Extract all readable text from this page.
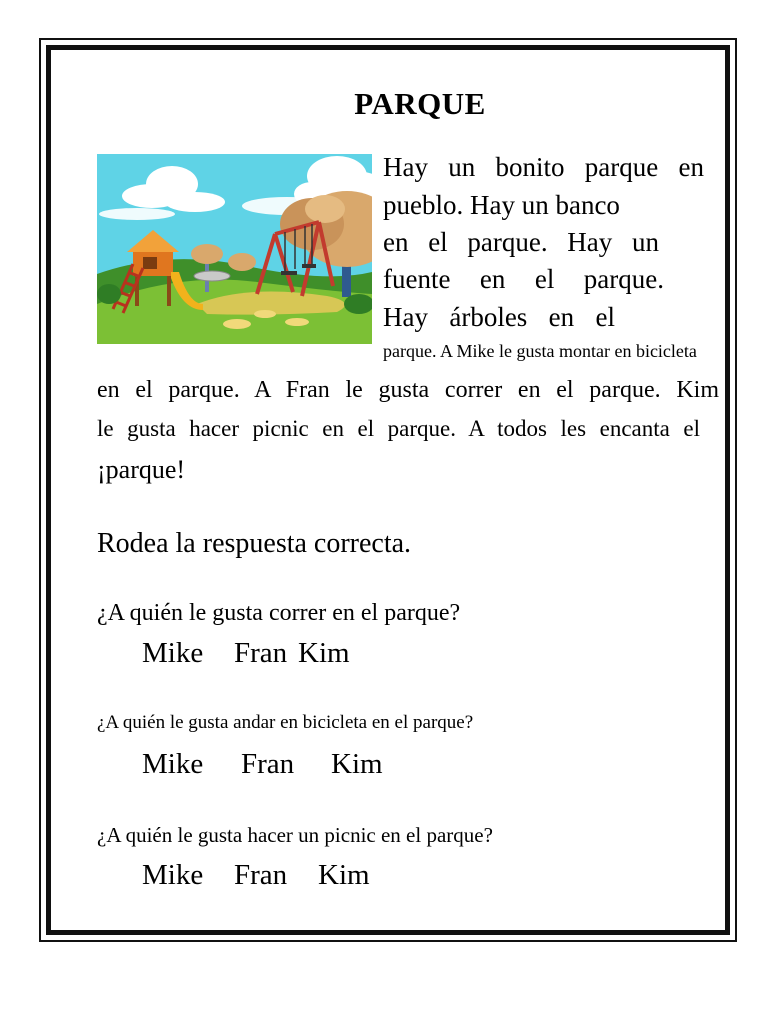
PARQUE
Hay un bonito parque en
pueblo. Hay un banco
en el parque. Hay un
fuente en el parque.
Hay árboles en el
parque. A Mike le gusta montar en bicicleta
en el parque. A Fran le gusta correr en el parque. Kim
le gusta hacer picnic en el parque. A todos les encanta el
¡parque!
Rodea la respuesta correcta.
¿A quién le gusta correr en el parque?
Mike Fran Kim
¿A quién le gusta andar en bicicleta en el parque?
Mike Fran Kim
¿A quién le gusta hacer un picnic en el parque?
Mike Fran Kim
